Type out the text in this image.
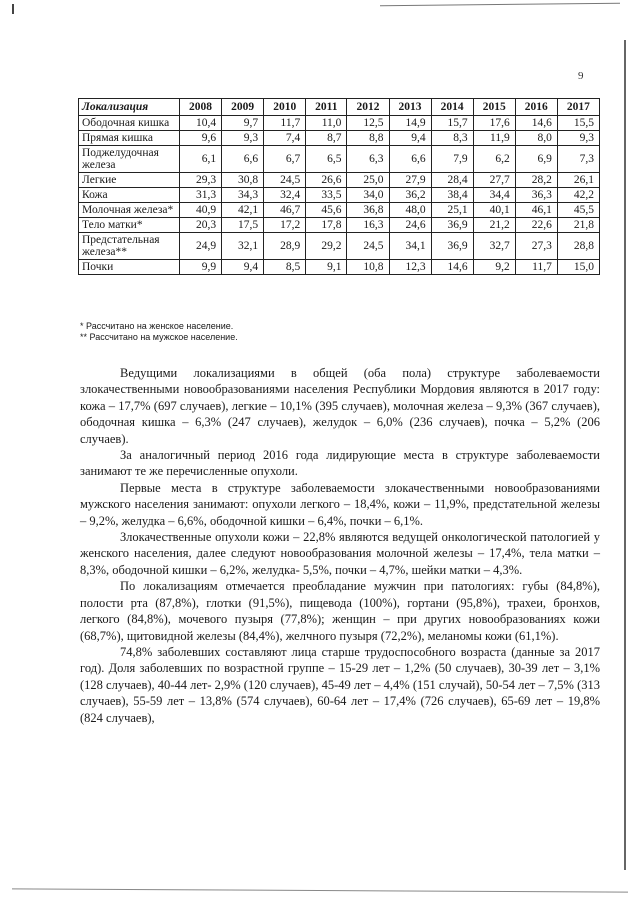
9
Локализация	2008	2009	2010	2011	2012	2013	2014	2015	2016	2017
Ободочная кишка	10,4	9,7	11,7	11,0	12,5	14,9	15,7	17,6	14,6	15,5
Прямая кишка	9,6	9,3	7,4	8,7	8,8	9,4	8,3	11,9	8,0	9,3
Поджелудочная железа	6,1	6,6	6,7	6,5	6,3	6,6	7,9	6,2	6,9	7,3
Легкие	29,3	30,8	24,5	26,6	25,0	27,9	28,4	27,7	28,2	26,1
Кожа	31,3	34,3	32,4	33,5	34,0	36,2	38,4	34,4	36,3	42,2
Молочная железа*	40,9	42,1	46,7	45,6	36,8	48,0	25,1	40,1	46,1	45,5
Тело матки*	20,3	17,5	17,2	17,8	16,3	24,6	36,9	21,2	22,6	21,8
Предстательная железа**	24,9	32,1	28,9	29,2	24,5	34,1	36,9	32,7	27,3	28,8
Почки	9,9	9,4	8,5	9,1	10,8	12,3	14,6	9,2	11,7	15,0
* Рассчитано на женское население.
** Рассчитано на мужское население.

Ведущими локализациями в общей (оба пола) структуре заболеваемости злокачественными новообразованиями населения Республики Мордовия являются в 2017 году: кожа – 17,7% (697 случаев), легкие – 10,1% (395 случаев), молочная железа – 9,3% (367 случаев), ободочная кишка – 6,3% (247 случаев), желудок – 6,0% (236 случаев), почка – 5,2% (206 случаев).

За аналогичный период 2016 года лидирующие места в структуре заболеваемости занимают те же перечисленные опухоли.

Первые места в структуре заболеваемости злокачественными новообразованиями мужского населения занимают: опухоли легкого – 18,4%, кожи – 11,9%, предстательной железы – 9,2%, желудка – 6,6%, ободочной кишки – 6,4%, почки – 6,1%.

Злокачественные опухоли кожи – 22,8% являются ведущей онкологической патологией у женского населения, далее следуют новообразования молочной железы – 17,4%, тела матки – 8,3%, ободочной кишки – 6,2%, желудка- 5,5%, почки – 4,7%, шейки матки – 4,3%.

По локализациям отмечается преобладание мужчин при патологиях: губы (84,8%), полости рта (87,8%), глотки (91,5%), пищевода (100%), гортани (95,8%), трахеи, бронхов, легкого (84,8%), мочевого пузыря (77,8%); женщин – при других новообразованиях кожи (68,7%), щитовидной железы (84,4%), желчного пузыря (72,2%), меланомы кожи (61,1%).

74,8% заболевших составляют лица старше трудоспособного возраста (данные за 2017 год). Доля заболевших по возрастной группе – 15-29 лет – 1,2% (50 случаев), 30-39 лет – 3,1% (128 случаев), 40-44 лет- 2,9% (120 случаев), 45-49 лет – 4,4% (151 случай), 50-54 лет – 7,5% (313 случаев), 55-59 лет – 13,8% (574 случаев), 60-64 лет – 17,4% (726 случаев), 65-69 лет – 19,8% (824 случаев),
